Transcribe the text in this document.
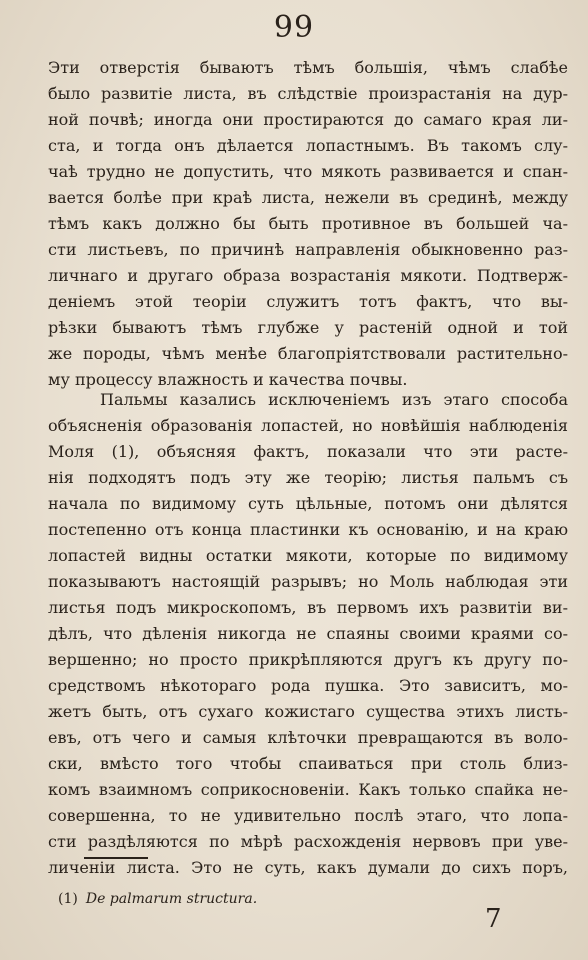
99
Эти отверстія бываютъ тѣмъ большія, чѣмъ слабѣе
было развитіе листа, въ слѣдствіе произрастанія на дур-
ной почвѣ; иногда они простираются до самаго края ли-
ста, и тогда онъ дѣлается лопастнымъ. Въ такомъ слу-
чаѣ трудно не допустить, что мякоть развивается и спан-
вается болѣе при краѣ листа, нежели въ срединѣ, между
тѣмъ какъ должно бы быть противное въ большей ча-
сти листьевъ, по причинѣ направленія обыкновенно раз-
личнаго и другаго образа возрастанія мякоти. Подтверж-
деніемъ этой теоріи служитъ тотъ фактъ, что вы-
рѣзки бываютъ тѣмъ глубже у растеній одной и той
же породы, чѣмъ менѣе благопріятствовали растительно-
му процессу влажность и качества почвы.
Пальмы казались исключеніемъ изъ этаго способа
объясненія образованія лопастей, но новѣйшія наблюденія
Моля (1), объясняя фактъ, показали что эти расте-
нія подходятъ подъ эту же теорію; листья пальмъ съ
начала по видимому суть цѣльные, потомъ они дѣлятся
постепенно отъ конца пластинки къ основанію, и на краю
лопастей видны остатки мякоти, которые по видимому
показываютъ настоящій разрывъ; но Моль наблюдая эти
листья подъ микроскопомъ, въ первомъ ихъ развитіи ви-
дѣлъ, что дѣленія никогда не спаяны своими краями со-
вершенно; но просто прикрѣпляются другъ къ другу по-
средствомъ нѣкотораго рода пушка. Это зависитъ, мо-
жетъ быть, отъ сухаго кожистаго существа этихъ листь-
евъ, отъ чего и самыя клѣточки превращаются въ воло-
ски, вмѣсто того чтобы спаиваться при столь близ-
комъ взаимномъ соприкосновеніи. Какъ только спайка не-
совершенна, то не удивительно послѣ этаго, что лопа-
сти раздѣляются по мѣрѣ расхожденія нервовъ при уве-
личеніи листа. Это не суть, какъ думали до сихъ поръ,
(1) De palmarum structura.
7
